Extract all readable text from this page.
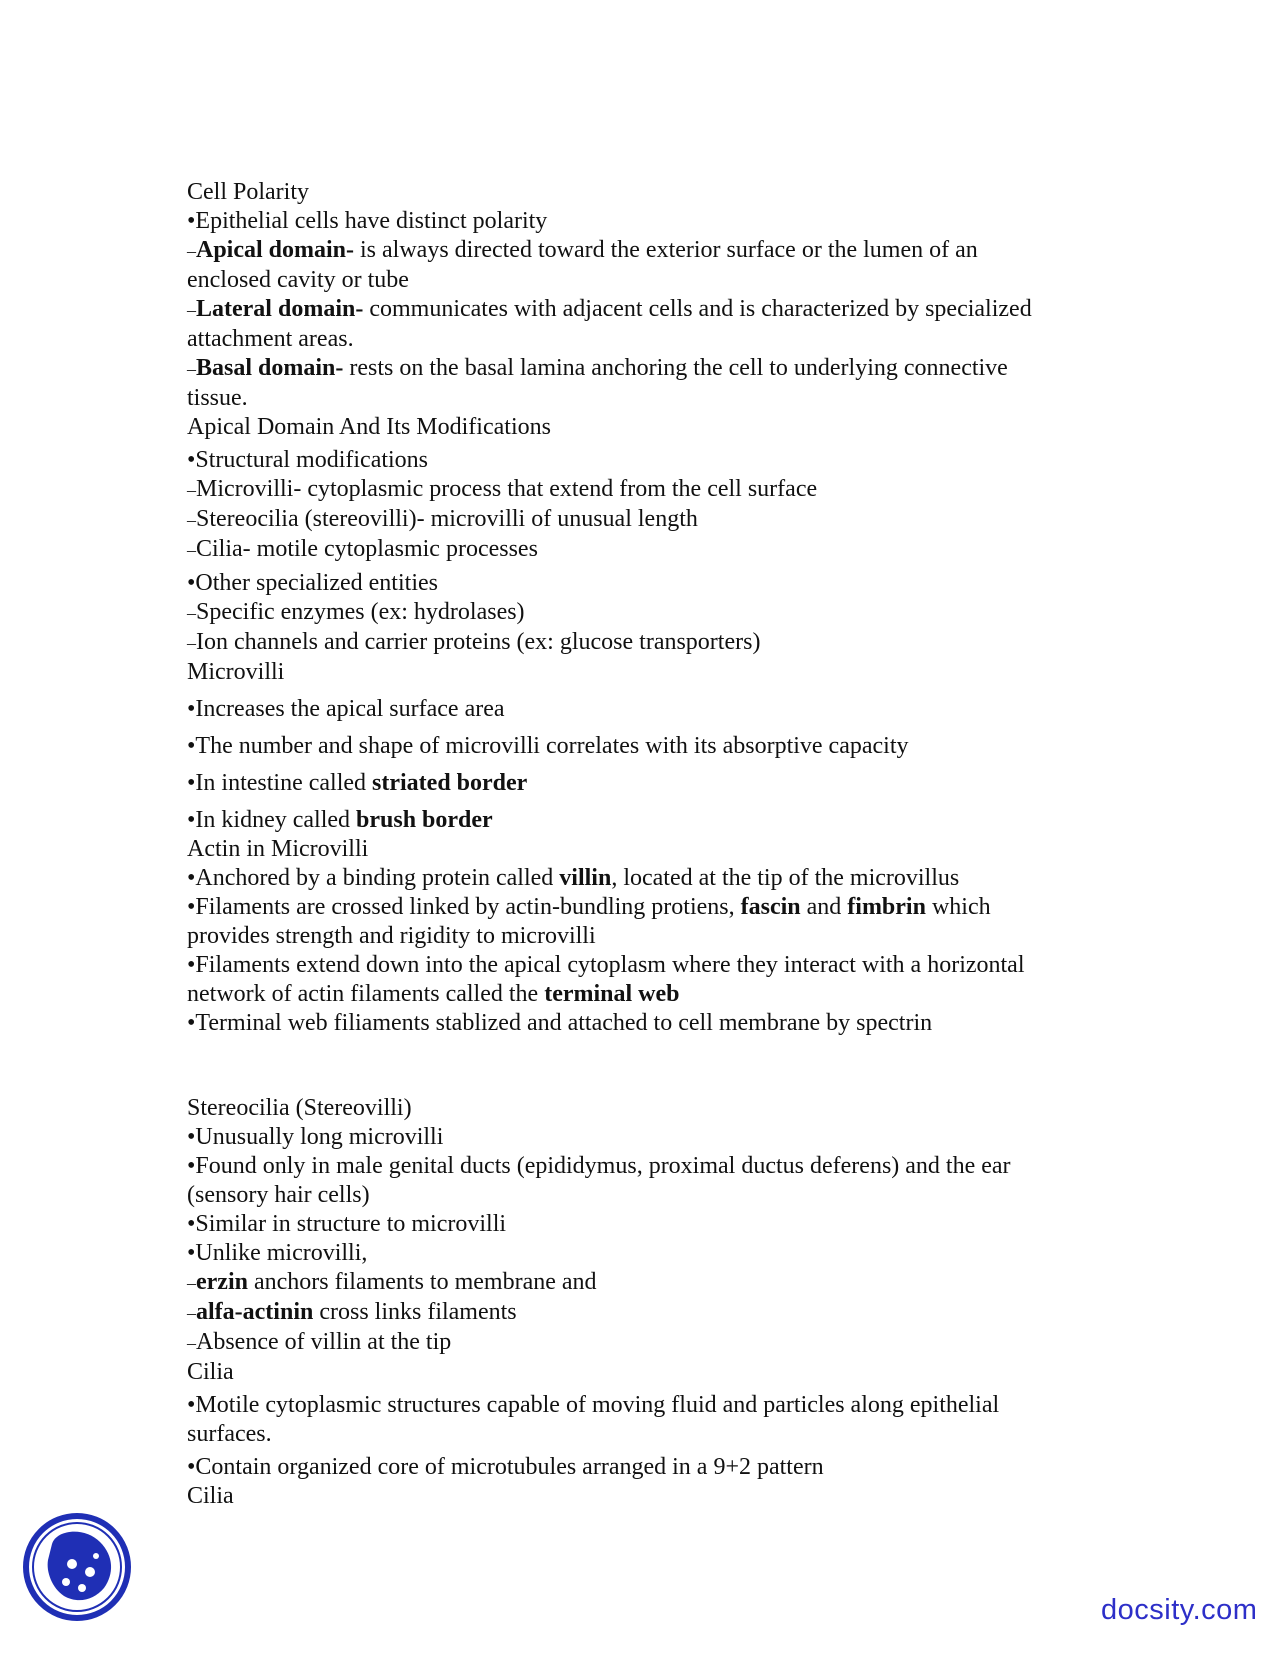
Cell Polarity
•Epithelial cells have distinct polarity
–Apical domain- is always directed toward the exterior surface or the lumen of an
enclosed cavity or tube
–Lateral domain- communicates with adjacent cells and is characterized by specialized
attachment areas.
–Basal domain- rests on the basal lamina anchoring the cell to underlying connective
tissue.
Apical Domain And Its Modifications
•Structural modifications
–Microvilli- cytoplasmic process that extend from the cell surface
–Stereocilia (stereovilli)- microvilli of unusual length
–Cilia- motile cytoplasmic processes
•Other specialized entities
–Specific enzymes (ex: hydrolases)
–Ion channels and carrier proteins (ex: glucose transporters)
Microvilli
•Increases the apical surface area
•The number and shape of microvilli correlates with its absorptive capacity
•In intestine called striated border
•In kidney called brush border
Actin in Microvilli
•Anchored by a binding protein called villin, located at the tip of the microvillus
•Filaments are crossed linked by actin-bundling protiens, fascin and fimbrin which
provides strength and rigidity to microvilli
•Filaments extend down into the apical cytoplasm where they interact with a horizontal
network of actin filaments called the terminal web
•Terminal web filiaments stablized and attached to cell membrane by spectrin
Stereocilia (Stereovilli)
•Unusually long microvilli
•Found only in male genital ducts (epididymus, proximal ductus deferens) and the ear
(sensory hair cells)
•Similar in structure to microvilli
•Unlike microvilli,
–erzin anchors filaments to membrane and
–alfa-actinin cross links filaments
–Absence of villin at the tip
Cilia
•Motile cytoplasmic structures capable of moving fluid and particles along epithelial
surfaces.
•Contain organized core of microtubules arranged in a 9+2 pattern
Cilia
docsity.com
